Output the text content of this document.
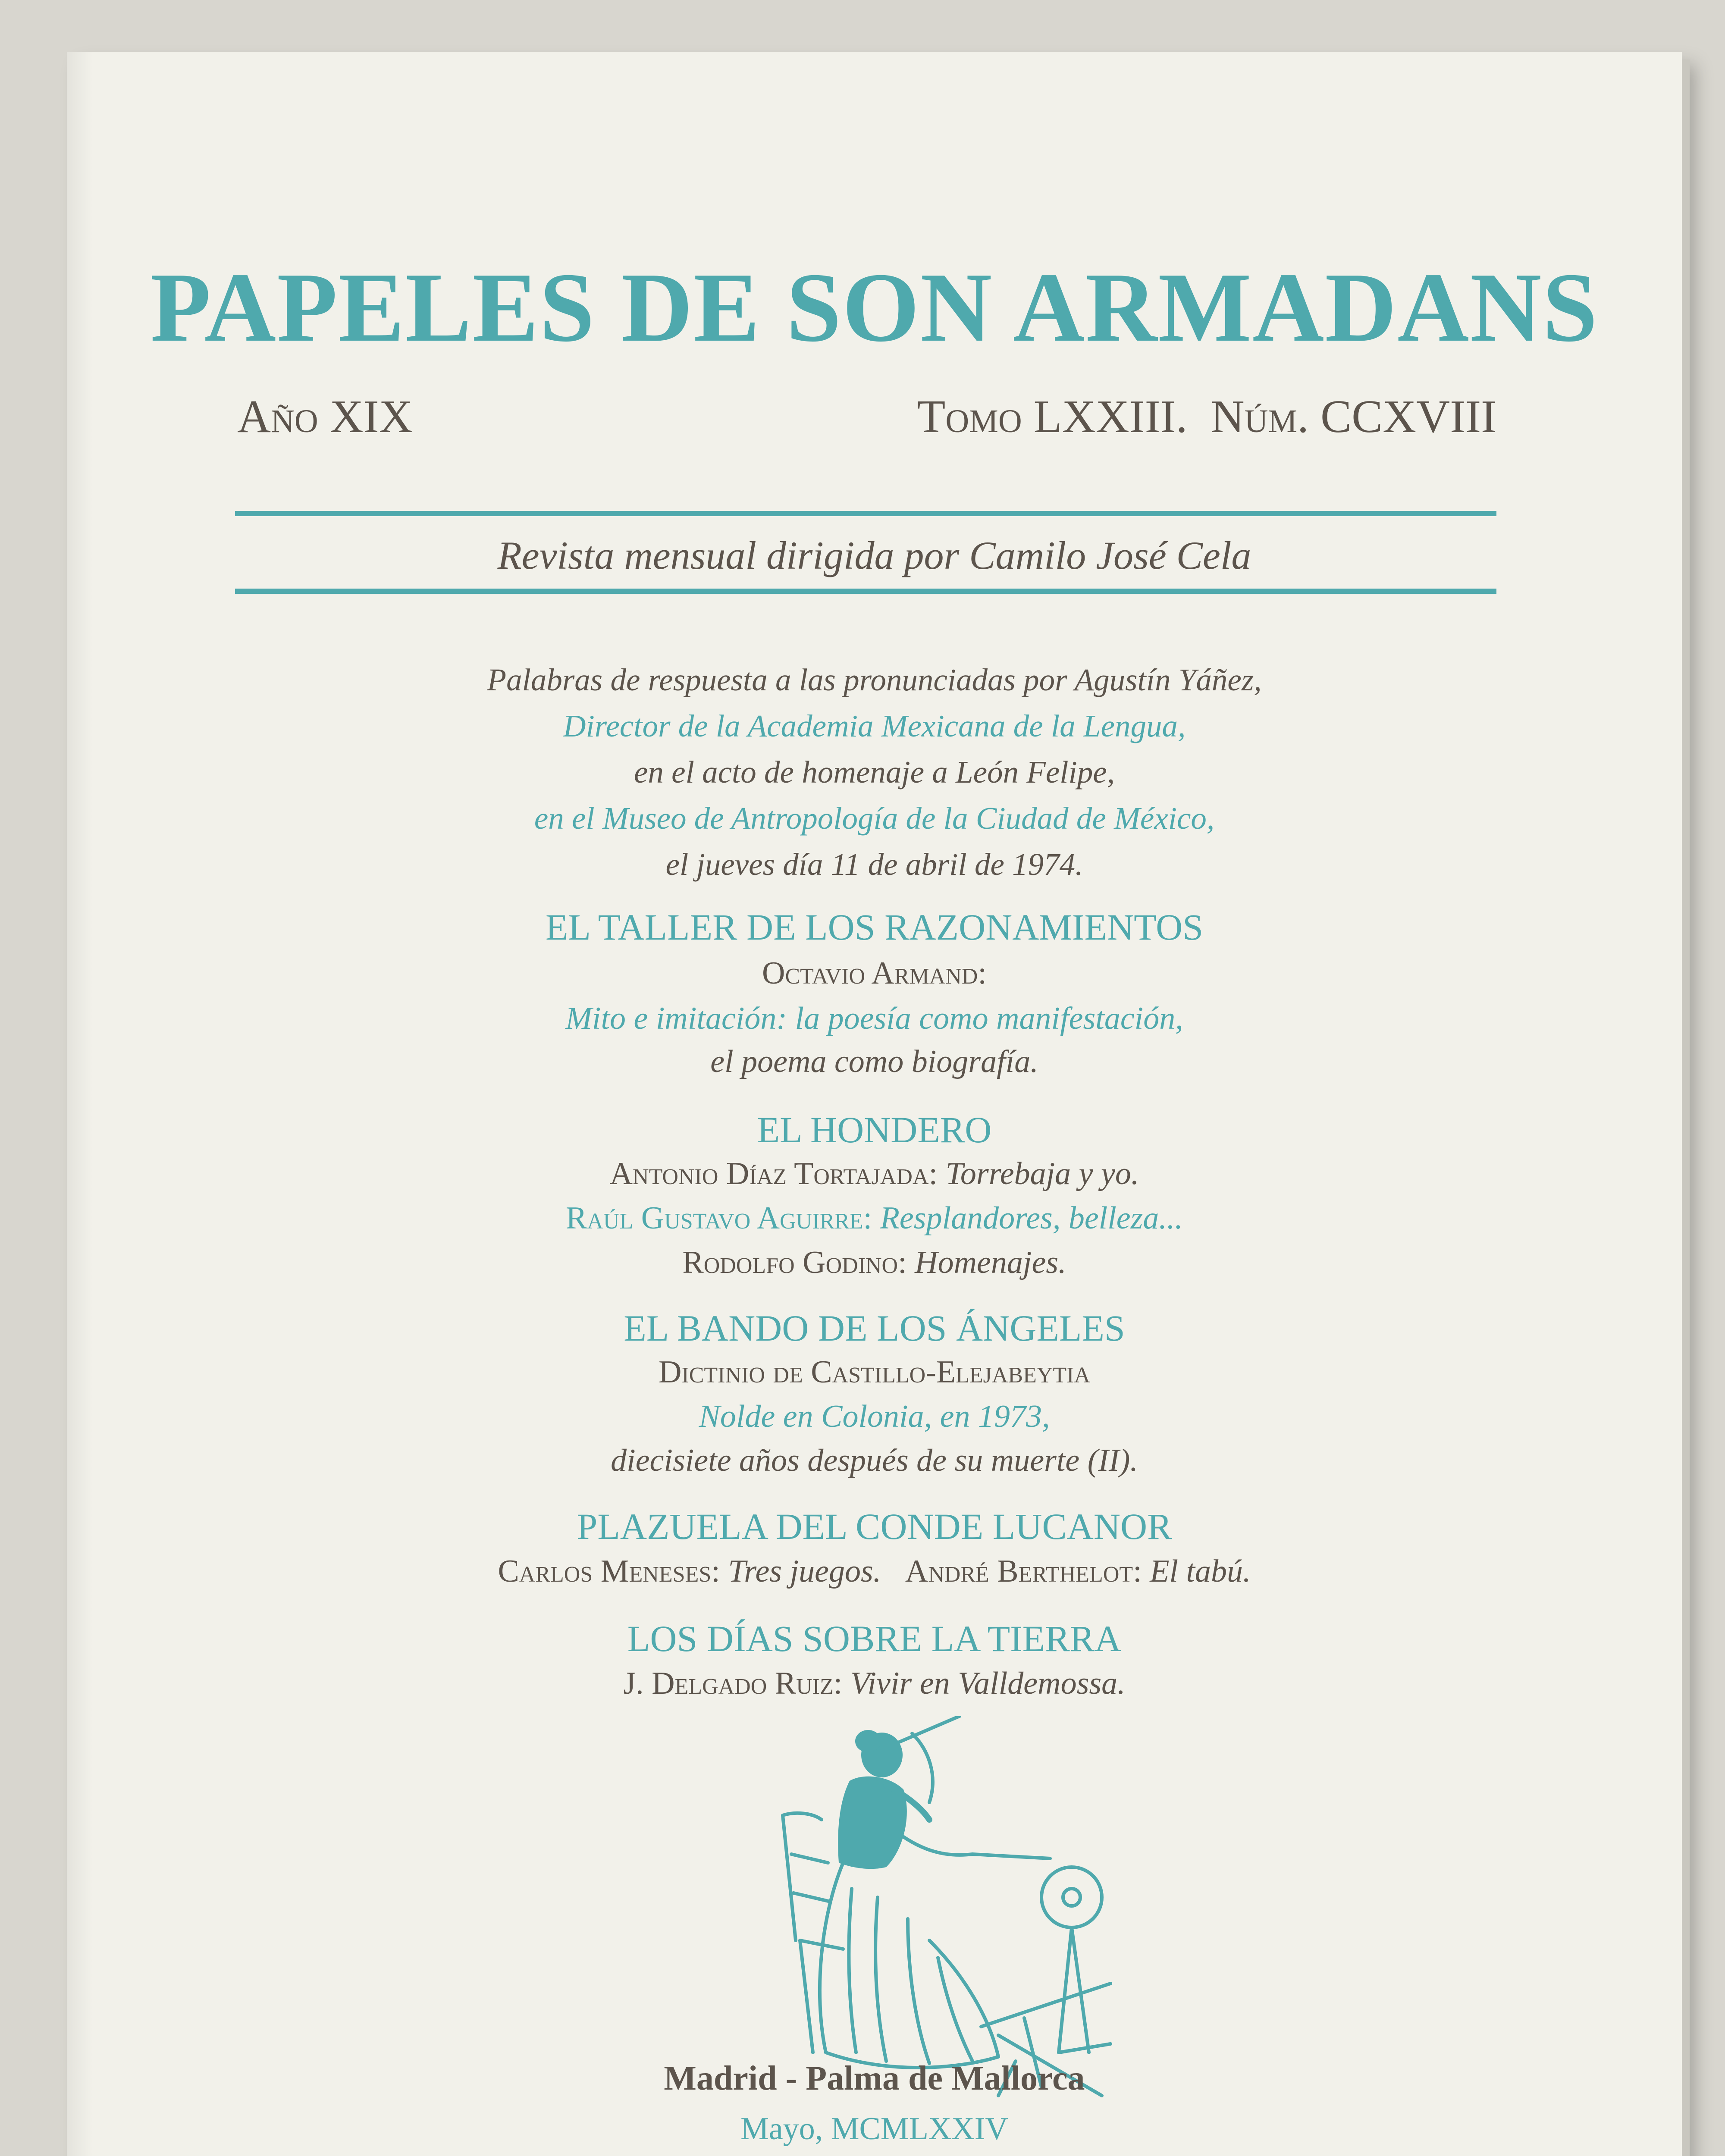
PAPELES DE SON ARMADANS
Año XIX	Tomo LXXIII.  Núm. CCXVIII
Revista mensual dirigida por Camilo José Cela
Palabras de respuesta a las pronunciadas por Agustín Yáñez,
Director de la Academia Mexicana de la Lengua,
en el acto de homenaje a León Felipe,
en el Museo de Antropología de la Ciudad de México,
el jueves día 11 de abril de 1974.
EL TALLER DE LOS RAZONAMIENTOS
Octavio Armand:
Mito e imitación: la poesía como manifestación,
el poema como biografía.
EL HONDERO
Antonio Díaz Tortajada: Torrebaja y yo.
Raúl Gustavo Aguirre: Resplandores, belleza...
Rodolfo Godino: Homenajes.
EL BANDO DE LOS ÁNGELES
Dictinio de Castillo-Elejabeytia
Nolde en Colonia, en 1973,
diecisiete años después de su muerte (II).
PLAZUELA DEL CONDE LUCANOR
Carlos Meneses: Tres juegos. André Berthelot: El tabú.
LOS DÍAS SOBRE LA TIERRA
J. Delgado Ruiz: Vivir en Valldemossa.
Madrid - Palma de Mallorca
Mayo, MCMLXXIV
